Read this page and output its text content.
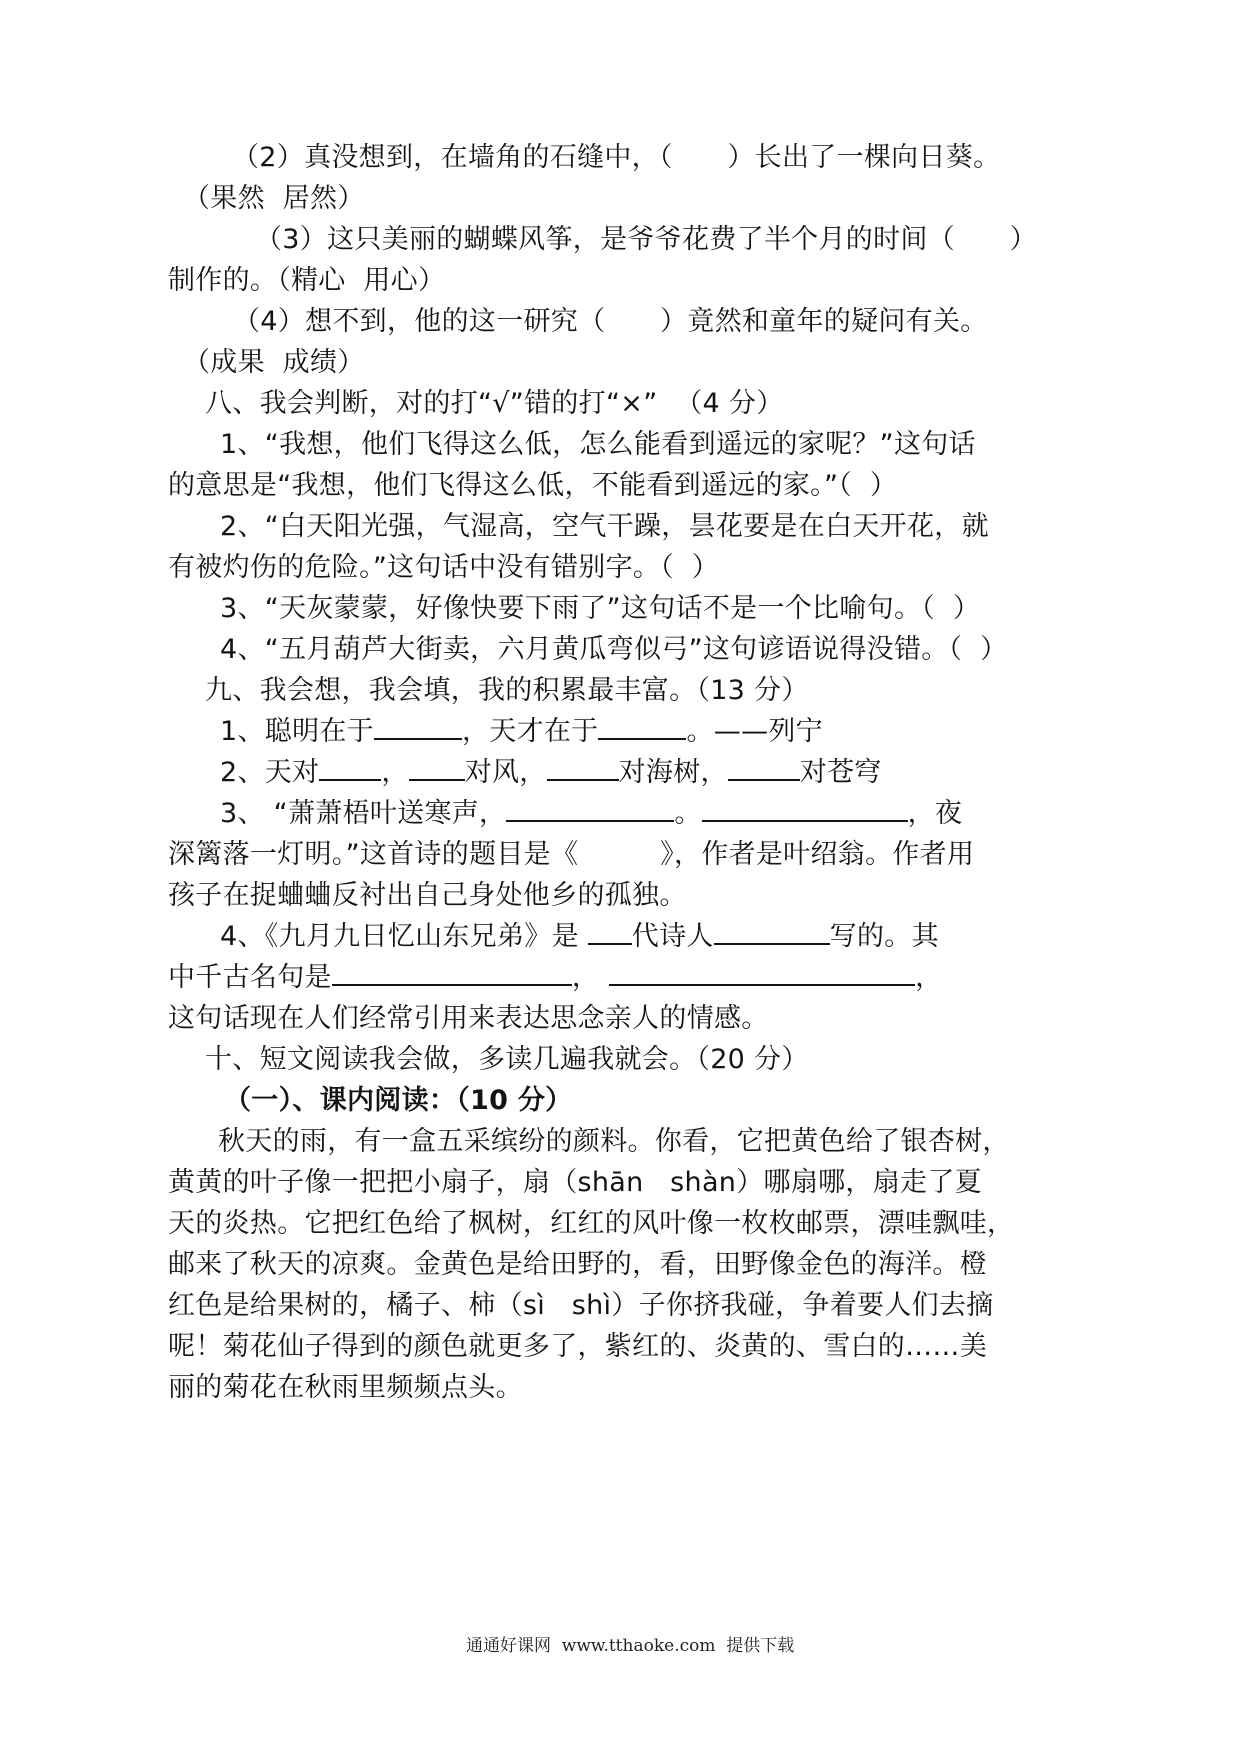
（2）真没想到，在墙角的石缝中，（　　）长出了一棵向日葵。
（果然  居然）
（3）这只美丽的蝴蝶风筝，是爷爷花费了半个月的时间（　　）
制作的。（精心  用心）
（4）想不到，他的这一研究（　　）竟然和童年的疑问有关。
（成果  成绩）
八、我会判断，对的打“√”错的打“×”  （4 分）
1、“我想，他们飞得这么低，怎么能看到遥远的家呢？”这句话
的意思是“我想，他们飞得这么低，不能看到遥远的家。”（  ）
2、“白天阳光强，气湿高，空气干躁，昙花要是在白天开花，就
有被灼伤的危险。”这句话中没有错别字。（  ）
3、“天灰蒙蒙，好像快要下雨了”这句话不是一个比喻句。（  ）
4、“五月葫芦大街卖，六月黄瓜弯似弓”这句谚语说得没错。（  ）
九、我会想，我会填，我的积累最丰富。（13 分）
1、聪明在于	，天才在于	。——列宁
2、天对 ， 对风，	对海树，	对苍穹
3、 “萧萧梧叶送寒声，	。	，夜
深篱落一灯明。”这首诗的题目是《　　　》，作者是叶绍翁。作者用
孩子在捉蛐蛐反衬出自己身处他乡的孤独。
4、《九月九日忆山东兄弟》是 代诗人	写的。其
中千古名句是	，	，
这句话现在人们经常引用来表达思念亲人的情感。
十、短文阅读我会做，多读几遍我就会。（20 分）
（一）、课内阅读：（10 分）
秋天的雨，有一盒五采缤纷的颜料。你看，它把黄色给了银杏树，
黄黄的叶子像一把把小扇子，扇（shān   shàn）哪扇哪，扇走了夏
天的炎热。它把红色给了枫树，红红的风叶像一枚枚邮票，漂哇飘哇，
邮来了秋天的凉爽。金黄色是给田野的，看，田野像金色的海洋。橙
红色是给果树的，橘子、柿（sì   shì）子你挤我碰，争着要人们去摘
呢！菊花仙子得到的颜色就更多了，紫红的、炎黄的、雪白的……美
丽的菊花在秋雨里频频点头。
通通好课网  www.tthaoke.com  提供下载
